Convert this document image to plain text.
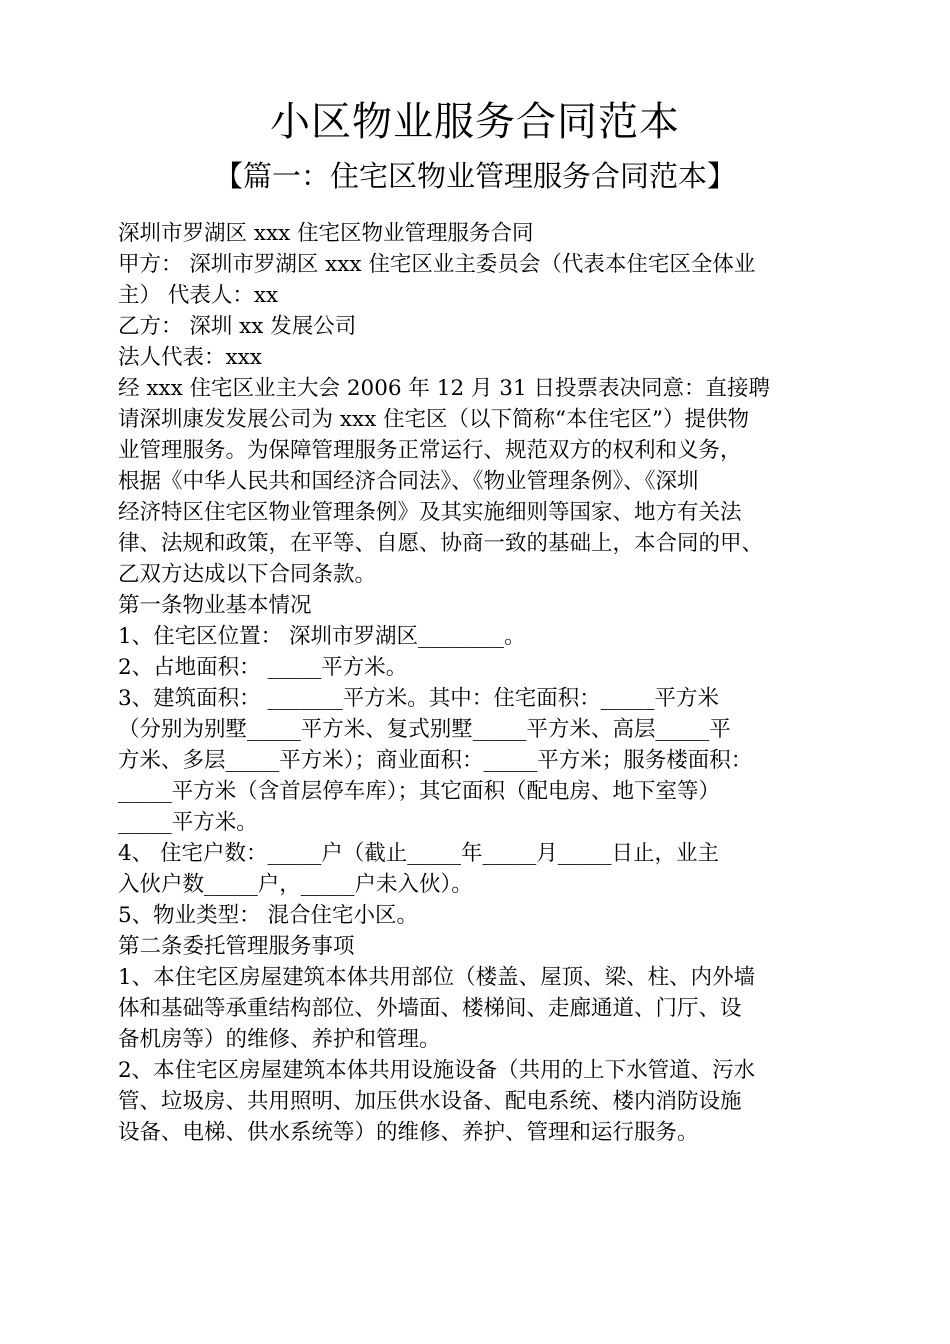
小区物业服务合同范本
【篇一：住宅区物业管理服务合同范本】
深圳市罗湖区 xxx 住宅区物业管理服务合同
甲方： 深圳市罗湖区 xxx 住宅区业主委员会（代表本住宅区全体业
主） 代表人：xx
乙方： 深圳 xx 发展公司
法人代表：xxx
经 xxx 住宅区业主大会 2006 年 12 月 31 日投票表决同意：直接聘
请深圳康发发展公司为 xxx 住宅区（以下简称“本住宅区”）提供物
业管理服务。为保障管理服务正常运行、规范双方的权利和义务，
根据《中华人民共和国经济合同法》、《物业管理条例》、《深圳
经济特区住宅区物业管理条例》及其实施细则等国家、地方有关法
律、法规和政策，在平等、自愿、协商一致的基础上，本合同的甲、
乙双方达成以下合同条款。
第一条物业基本情况
1、住宅区位置： 深圳市罗湖区________。
2、占地面积： _____平方米。
3、建筑面积： _______平方米。其中：住宅面积：_____平方米
（分别为别墅_____平方米、复式别墅_____平方米、高层_____平
方米、多层_____平方米）；商业面积：_____平方米；服务楼面积：
_____平方米（含首层停车库）；其它面积（配电房、地下室等）
_____平方米。
4、 住宅户数：_____户（截止_____年_____月_____日止，业主
入伙户数_____户，_____户未入伙）。
5、物业类型： 混合住宅小区。
第二条委托管理服务事项
1、本住宅区房屋建筑本体共用部位（楼盖、屋顶、梁、柱、内外墙
体和基础等承重结构部位、外墙面、楼梯间、走廊通道、门厅、设
备机房等）的维修、养护和管理。
2、本住宅区房屋建筑本体共用设施设备（共用的上下水管道、污水
管、垃圾房、共用照明、加压供水设备、配电系统、楼内消防设施
设备、电梯、供水系统等）的维修、养护、管理和运行服务。
